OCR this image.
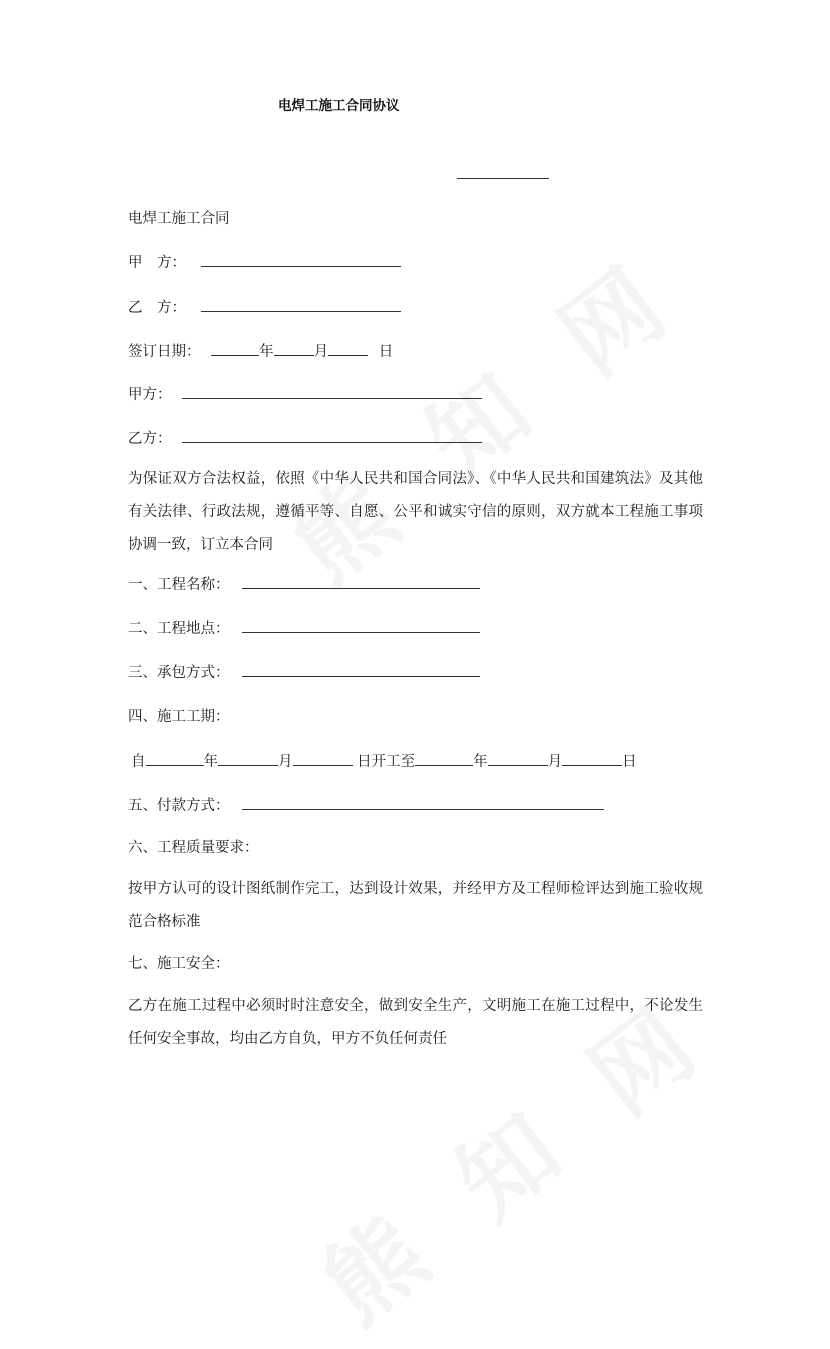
电焊工施工合同协议
电焊工施工合同
甲　方：
乙　方：
签订日期：	年	月	日
甲方：
乙方：
为保证双方合法权益，依照《中华人民共和国合同法》、《中华人民共和国建筑法》及其他有关法律、行政法规，遵循平等、自愿、公平和诚实守信的原则，双方就本工程施工事项协调一致，订立本合同
一、工程名称：
二、工程地点：
三、承包方式：
四、施工工期：
自	年	月	日开工至	年	月	日
五、付款方式：
六、工程质量要求：
按甲方认可的设计图纸制作完工，达到设计效果，并经甲方及工程师检评达到施工验收规范合格标准
七、施工安全：
乙方在施工过程中必须时时注意安全，做到安全生产，文明施工在施工过程中，不论发生任何安全事故，均由乙方自负，甲方不负任何责任
